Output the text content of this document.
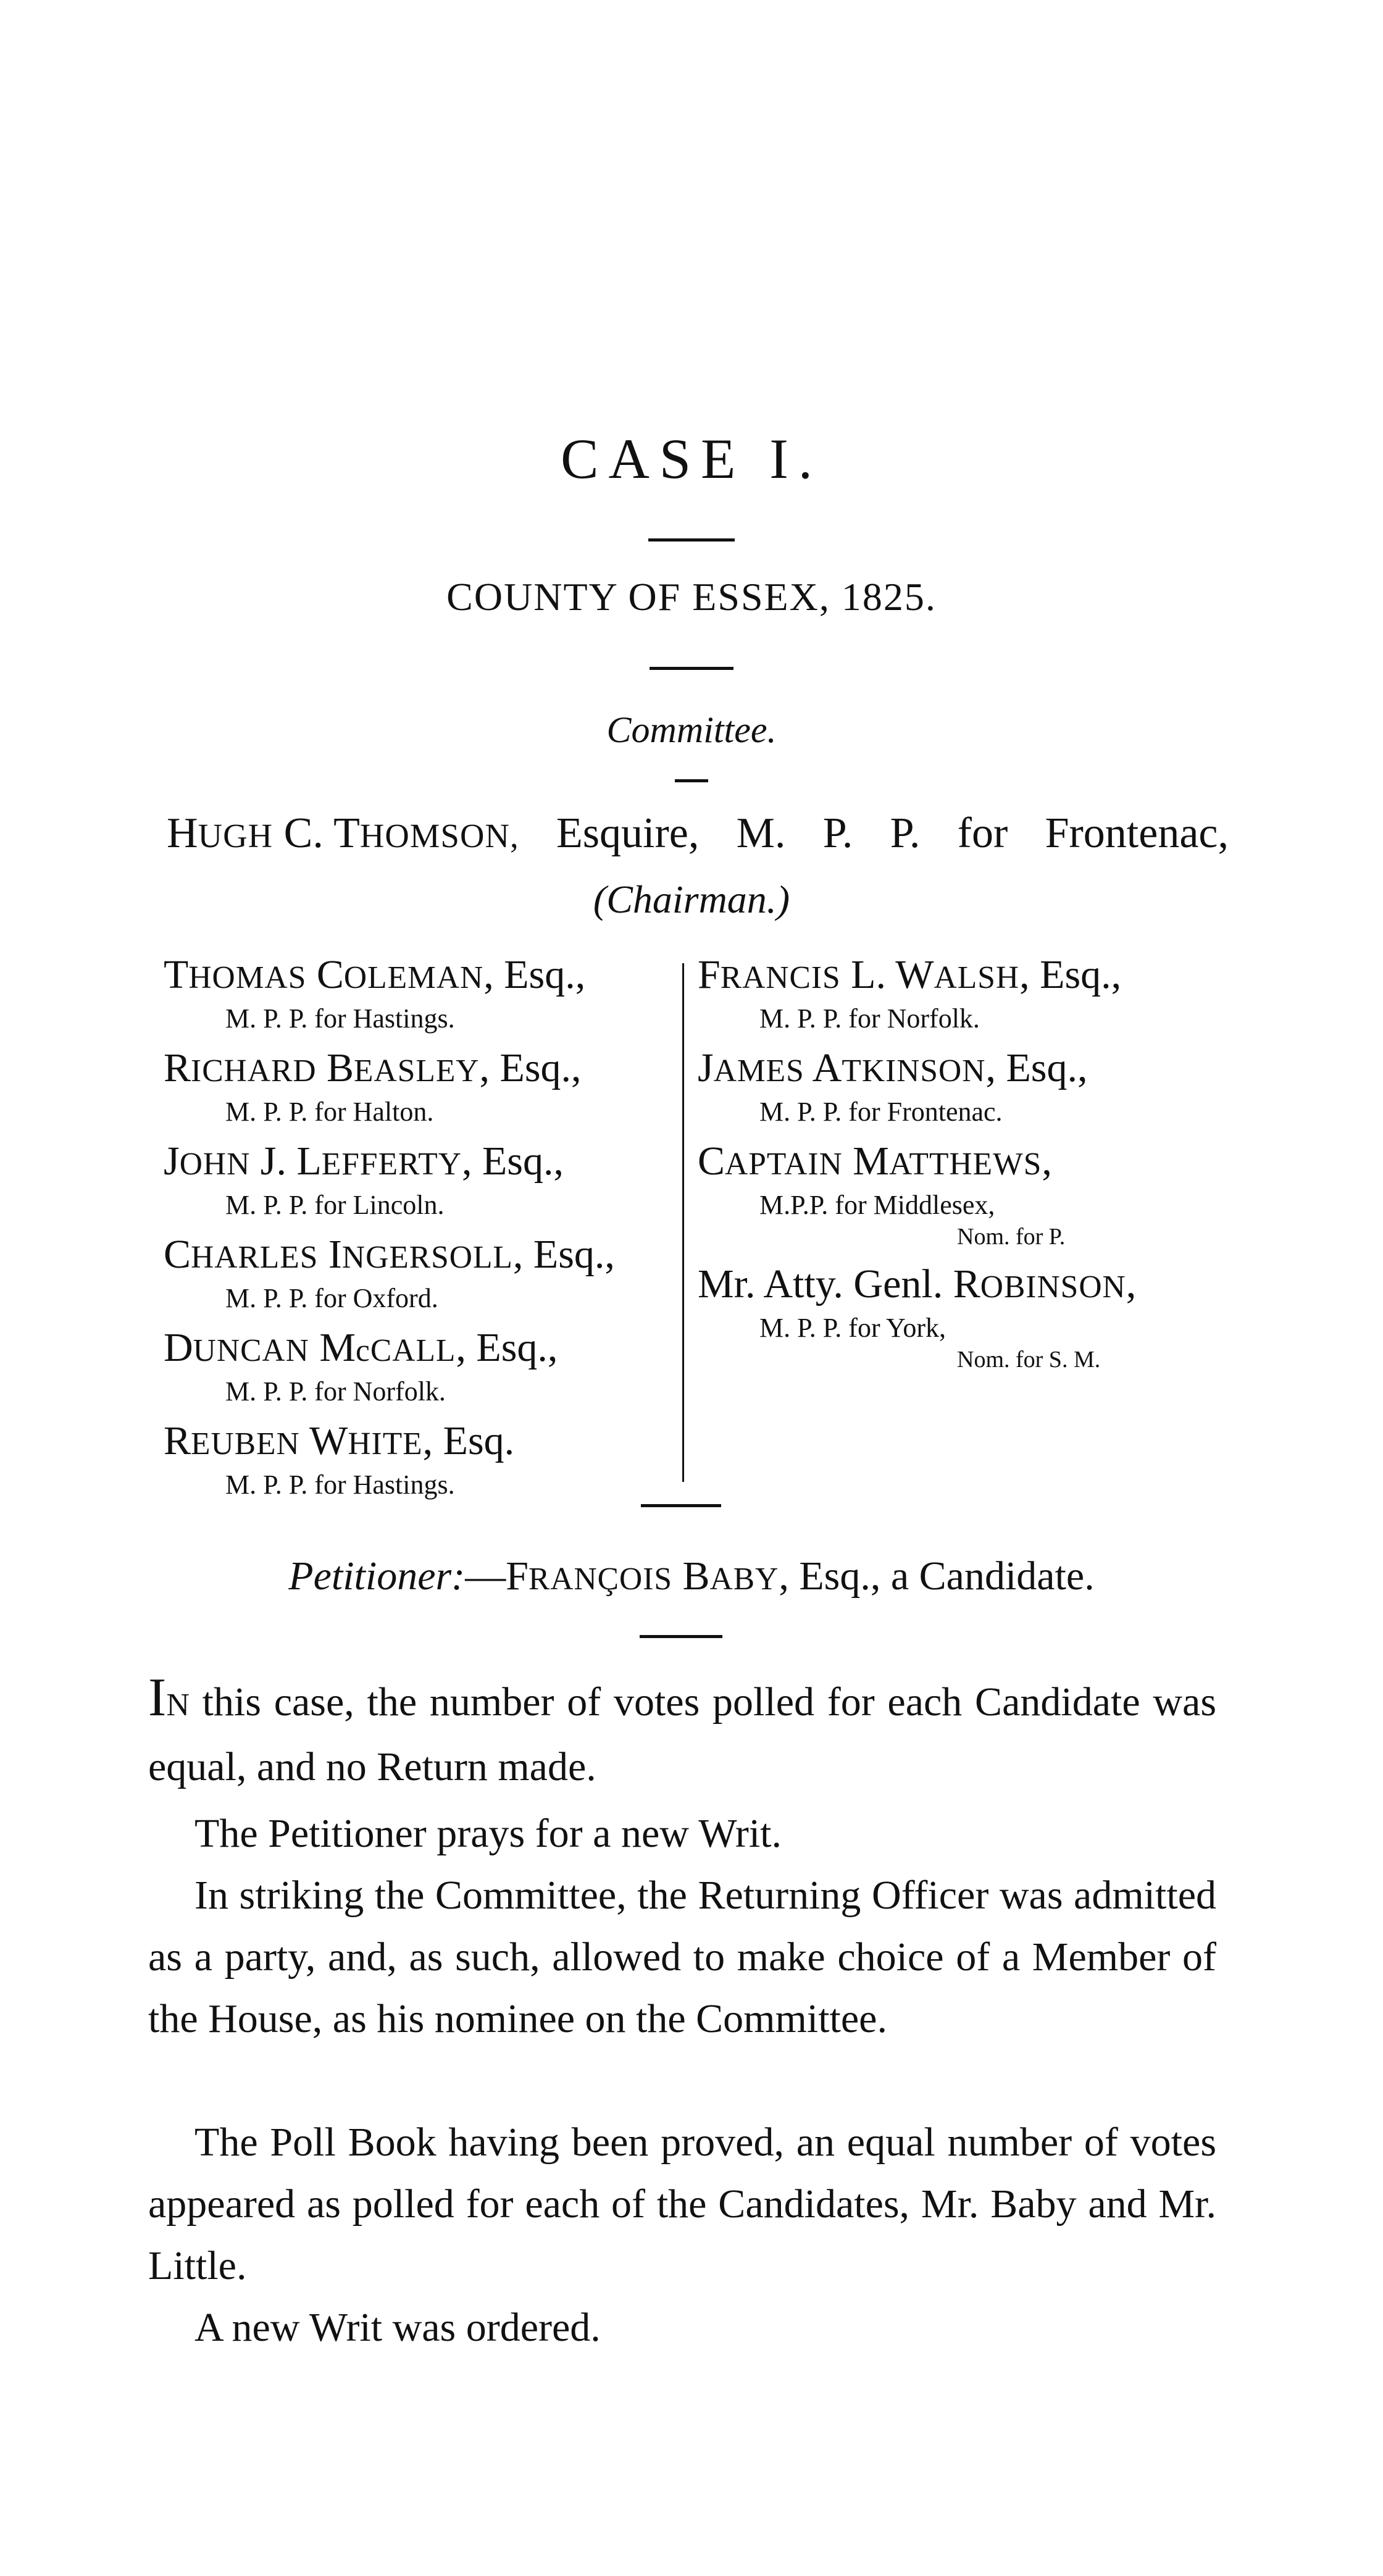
CASE I.
COUNTY OF ESSEX, 1825.
Committee.
HUGH C. THOMSON, Esquire, M. P. P. for Frontenac,
(Chairman.)
THOMAS COLEMAN, Esq.,
M. P. P. for Hastings.
RICHARD BEASLEY, Esq.,
M. P. P. for Halton.
JOHN J. LEFFERTY, Esq.,
M. P. P. for Lincoln.
CHARLES INGERSOLL, Esq.,
M. P. P. for Oxford.
DUNCAN McCALL, Esq.,
M. P. P. for Norfolk.
REUBEN WHITE, Esq.
M. P. P. for Hastings.
FRANCIS L. WALSH, Esq.,
M. P. P. for Norfolk.
JAMES ATKINSON, Esq.,
M. P. P. for Frontenac.
CAPTAIN MATTHEWS,
M.P.P. for Middlesex,
Nom. for P.
Mr. Atty. Genl. ROBINSON,
M. P. P. for York,
Nom. for S. M.
Petitioner:—FRANÇOIS BABY, Esq., a Candidate.
IN this case, the number of votes polled for each Candidate was equal, and no Return made.
The Petitioner prays for a new Writ.
In striking the Committee, the Returning Officer was admitted as a party, and, as such, allowed to make choice of a Member of the House, as his nominee on the Committee.
The Poll Book having been proved, an equal number of votes appeared as polled for each of the Candidates, Mr. Baby and Mr. Little.
A new Writ was ordered.
